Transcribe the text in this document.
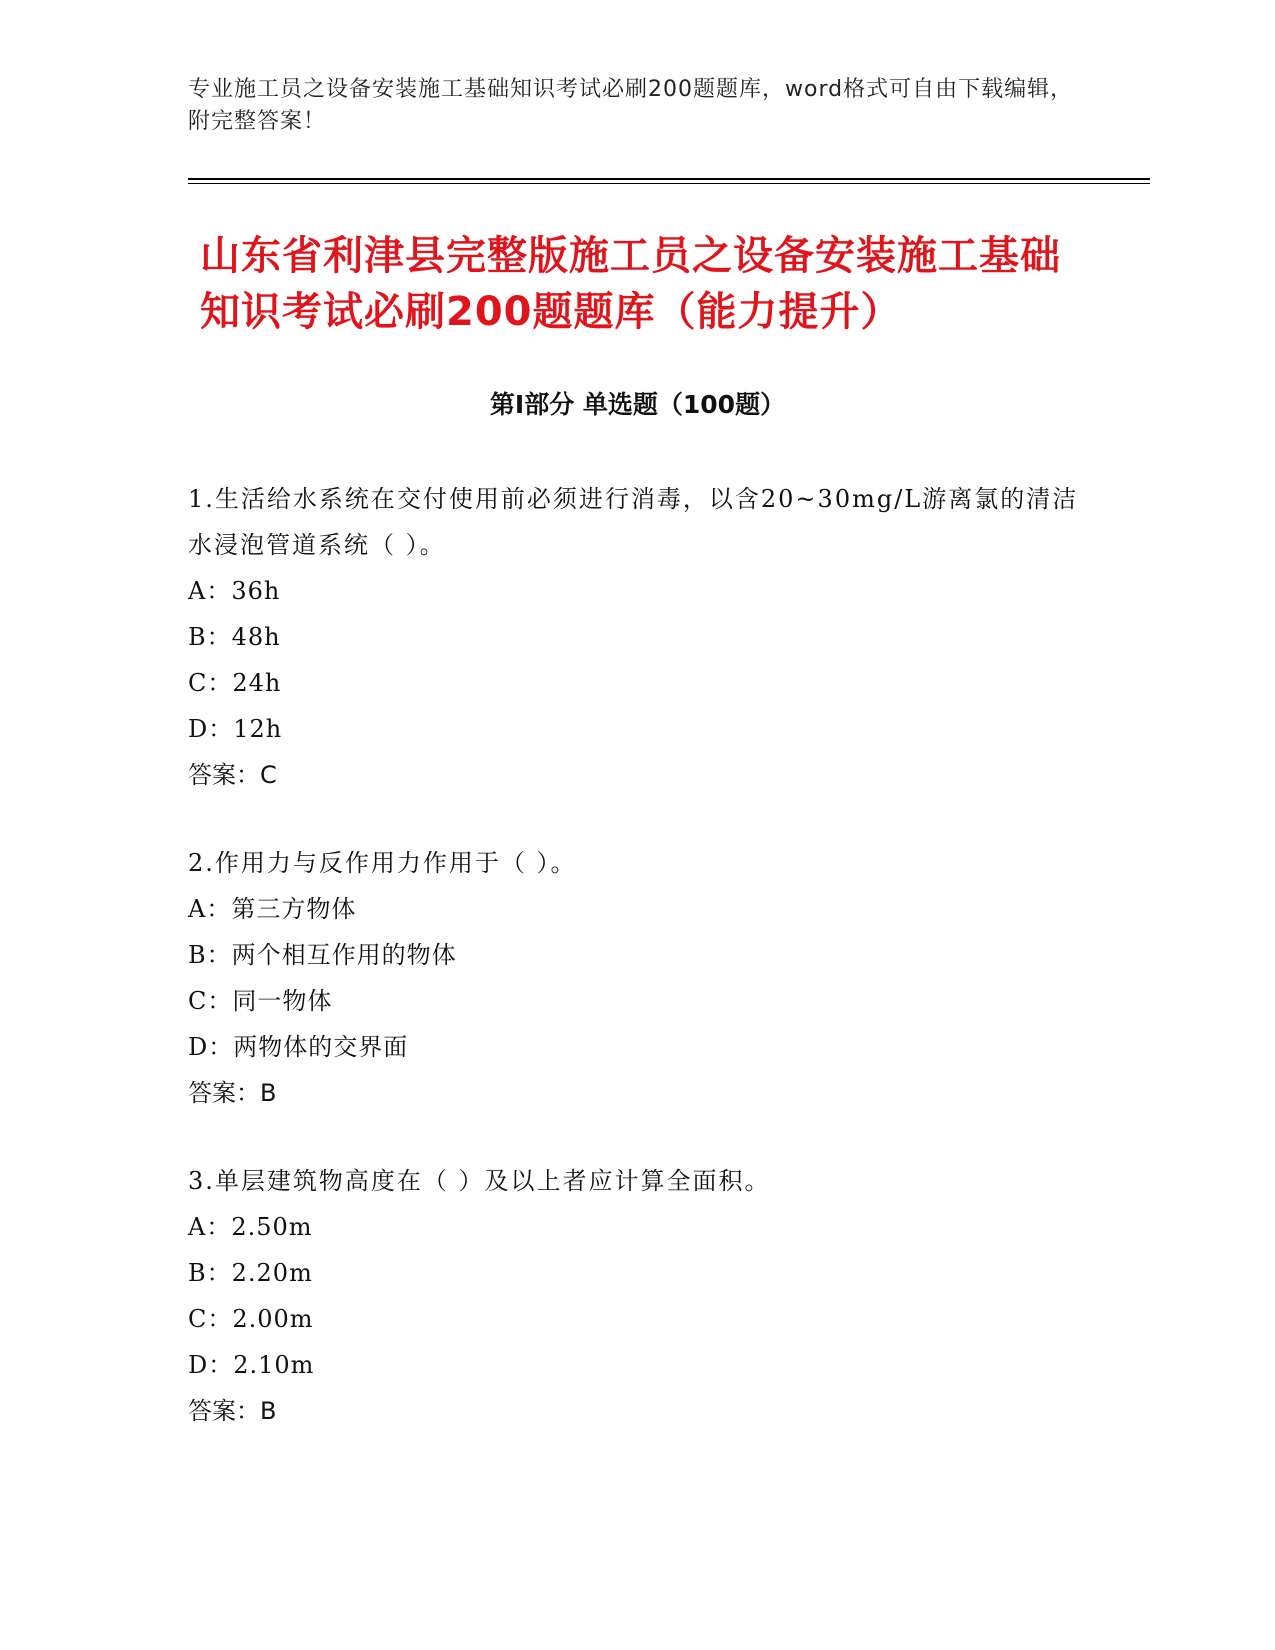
专业施工员之设备安装施工基础知识考试必刷200题题库，word格式可自由下载编辑，附完整答案！
山东省利津县完整版施工员之设备安装施工基础知识考试必刷200题题库（能力提升）
第Ⅰ部分 单选题（100题）

1.生活给水系统在交付使用前必须进行消毒，以含20~30mg/L游离氯的清洁水浸泡管道系统（ ）。

A：36h

B：48h

C：24h

D：12h

答案：C

2.作用力与反作用力作用于（ ）。

A：第三方物体

B：两个相互作用的物体

C：同一物体

D：两物体的交界面

答案：B

3.单层建筑物高度在（ ）及以上者应计算全面积。

A：2.50m

B：2.20m

C：2.00m

D：2.10m

答案：B
